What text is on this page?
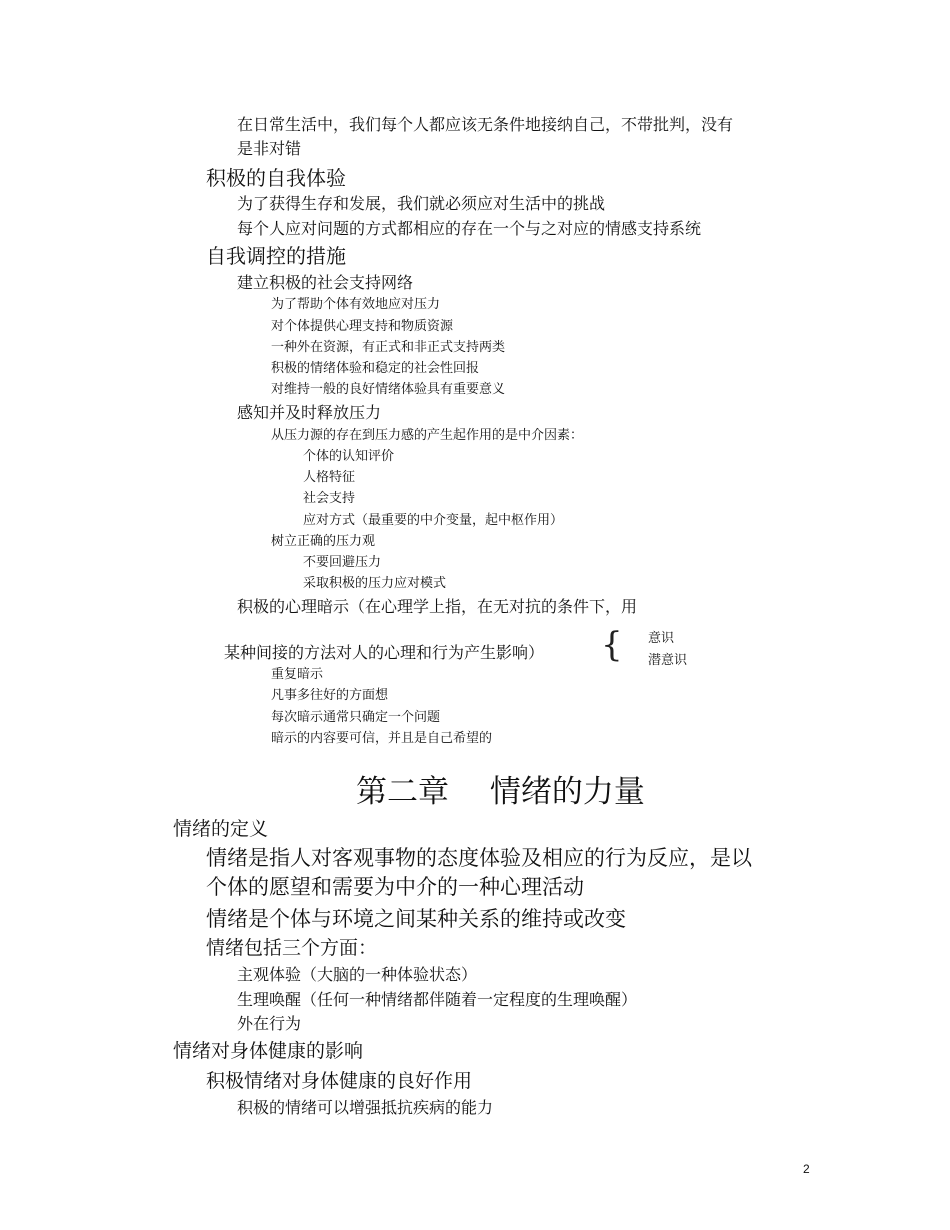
在日常生活中，我们每个人都应该无条件地接纳自己，不带批判，没有
是非对错
积极的自我体验
为了获得生存和发展，我们就必须应对生活中的挑战
每个人应对问题的方式都相应的存在一个与之对应的情感支持系统
自我调控的措施
建立积极的社会支持网络
为了帮助个体有效地应对压力
对个体提供心理支持和物质资源
一种外在资源，有正式和非正式支持两类
积极的情绪体验和稳定的社会性回报
对维持一般的良好情绪体验具有重要意义
感知并及时释放压力
从压力源的存在到压力感的产生起作用的是中介因素：
个体的认知评价
人格特征
社会支持
应对方式（最重要的中介变量，起中枢作用）
树立正确的压力观
不要回避压力
采取积极的压力应对模式
积极的心理暗示（在心理学上指，在无对抗的条件下，用
某种间接的方法对人的心理和行为产生影响） { 意识
潜意识
重复暗示
凡事多往好的方面想
每次暗示通常只确定一个问题
暗示的内容要可信，并且是自己希望的
第二章　 情绪的力量
情绪的定义
情绪是指人对客观事物的态度体验及相应的行为反应，是以
个体的愿望和需要为中介的一种心理活动
情绪是个体与环境之间某种关系的维持或改变
情绪包括三个方面：
主观体验（大脑的一种体验状态）
生理唤醒（任何一种情绪都伴随着一定程度的生理唤醒）
外在行为
情绪对身体健康的影响
积极情绪对身体健康的良好作用
积极的情绪可以增强抵抗疾病的能力
2
